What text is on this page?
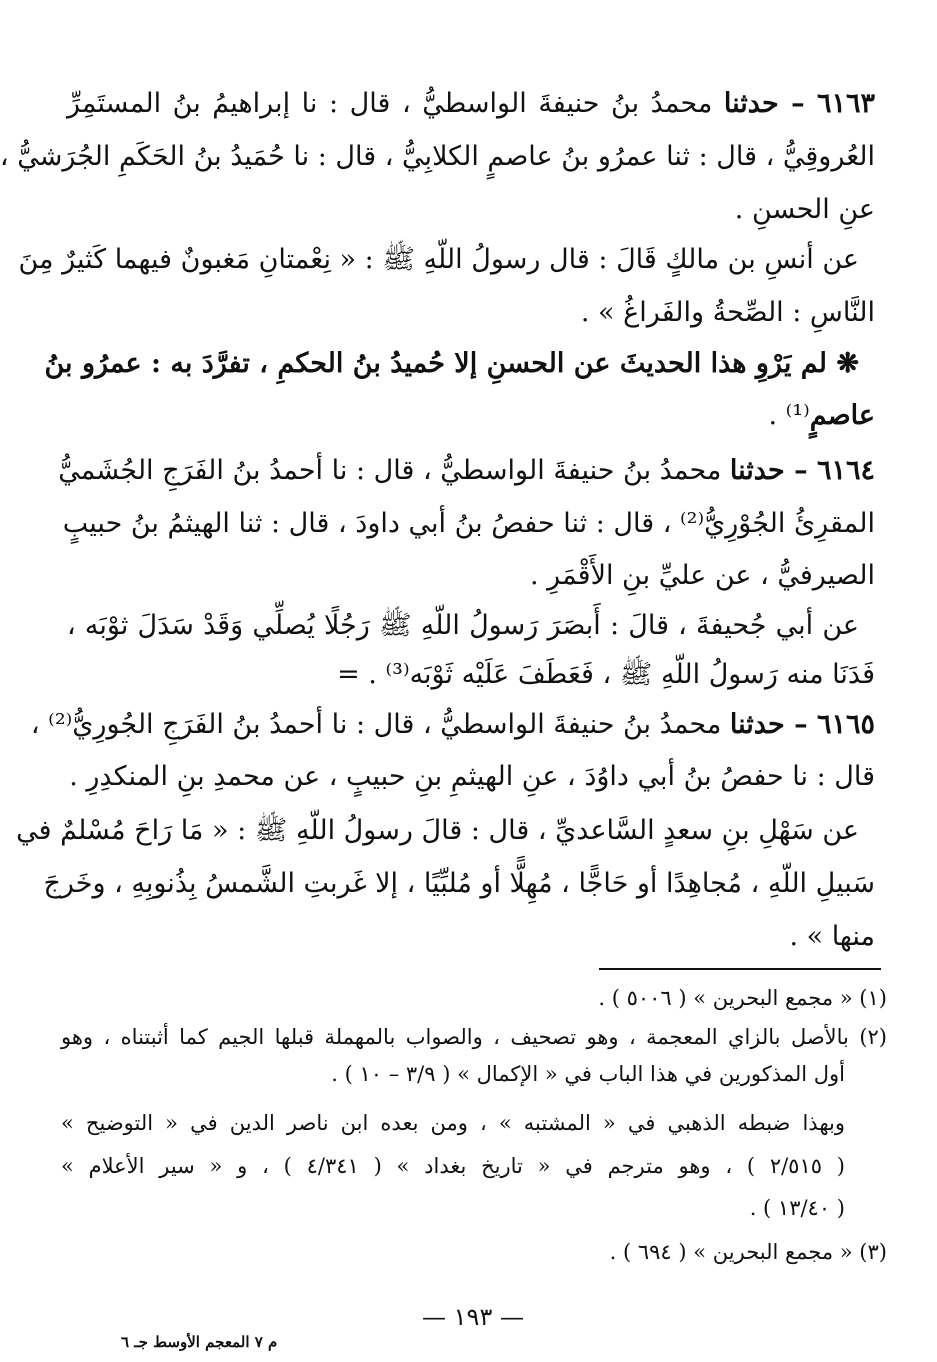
٦١٦٣ – حدثنا محمدُ بنُ حنيفةَ الواسطيُّ ، قال : نا إبراهيمُ بنُ المستَمِرِّ
العُروقِيُّ ، قال : ثنا عمرُو بنُ عاصمٍ الكلابِيُّ ، قال : نا حُمَيدُ بنُ الحَكَمِ الجُرَشيُّ ،
عنِ الحسنِ .
عن أنسِ بن مالكٍ قَالَ : قال رسولُ اللّهِ ﷺ : « نِعْمتانِ مَغبونٌ فيهما كَثيرٌ مِنَ
النَّاسِ : الصِّحةُ والفَراغُ » .
❋ لم يَرْوِ هذا الحديثَ عن الحسنِ إلا حُميدُ بنُ الحكمِ ، تفرَّدَ به : عمرُو بنُ
عاصمٍ⁽¹⁾ .
٦١٦٤ – حدثنا محمدُ بنُ حنيفةَ الواسطيُّ ، قال : نا أحمدُ بنُ الفَرَجِ الجُشَميُّ
المقرِئُ الجُوْرِيُّ⁽²⁾ ، قال : ثنا حفصُ بنُ أبي داودَ ، قال : ثنا الهيثمُ بنُ حبيبٍ
الصيرفيُّ ، عن عليِّ بنِ الأَقْمَرِ .
عن أبي جُحيفةَ ، قالَ : أَبصَرَ رَسولُ اللّهِ ﷺ رَجُلًا يُصلِّي وَقَدْ سَدَلَ ثوْبَه ،
فَدَنَا منه رَسولُ اللّهِ ﷺ ، فَعَطَفَ عَلَيْه ثَوْبَه⁽³⁾ . =
٦١٦٥ – حدثنا محمدُ بنُ حنيفةَ الواسطيُّ ، قال : نا أحمدُ بنُ الفَرَجِ الجُورِيُّ⁽²⁾ ،
قال : نا حفصُ بنُ أبي داوُدَ ، عنِ الهيثمِ بنِ حبيبٍ ، عن محمدِ بنِ المنكدِرِ .
عن سَهْلِ بنِ سعدٍ السَّاعديِّ ، قال : قالَ رسولُ اللّهِ ﷺ : « مَا رَاحَ مُسْلمٌ في
سَبيلِ اللّهِ ، مُجاهِدًا أو حَاجًّا ، مُهِلًّا أو مُلبِّيًا ، إلا غَربتِ الشَّمسُ بِذُنوبِهِ ، وخَرجَ
منها » .
(١) « مجمع البحرين » ( ٥٠٠٦ ) .
(٢) بالأصل بالزاي المعجمة ، وهو تصحيف ، والصواب بالمهملة قبلها الجيم كما أثبتناه ، وهو
أول المذكورين في هذا الباب في « الإكمال » ( ٣/٩ – ١٠ ) .
وبهذا ضبطه الذهبي في « المشتبه » ، ومن بعده ابن ناصر الدين في « التوضيح »
( ٢/٥١٥ ) ، وهو مترجم في « تاريخ بغداد » ( ٤/٣٤١ ) ، و « سير الأعلام »
( ١٣/٤٠ ) .
(٣) « مجمع البحرين » ( ٦٩٤ ) .
— ١٩٣ —
م ٧ المعجم الأوسط جـ ٦
